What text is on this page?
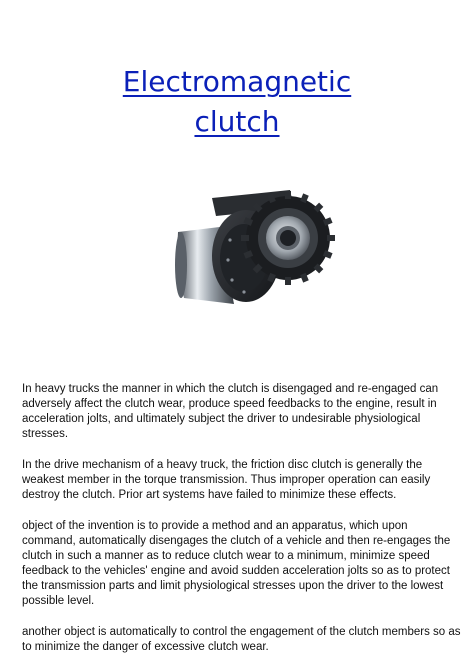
Electromagnetic
clutch

In heavy trucks the manner in which the clutch is disengaged and re-engaged can adversely affect the clutch wear, produce speed feedbacks to the engine, result in acceleration jolts, and ultimately subject the driver to undesirable physiological stresses.

In the drive mechanism of a heavy truck, the friction disc clutch is generally the weakest member in the torque transmission. Thus improper operation can easily destroy the clutch. Prior art systems have failed to minimize these effects.

object of the invention is to provide a method and an apparatus, which upon command, automatically disengages the clutch of a vehicle and then re-engages the clutch in such a manner as to reduce clutch wear to a minimum, minimize speed feedback to the vehicles' engine and avoid sudden acceleration jolts so as to protect the transmission parts and limit physiological stresses upon the driver to the lowest possible level.

another object is automatically to control the engagement of the clutch members so as to minimize the danger of excessive clutch wear.
